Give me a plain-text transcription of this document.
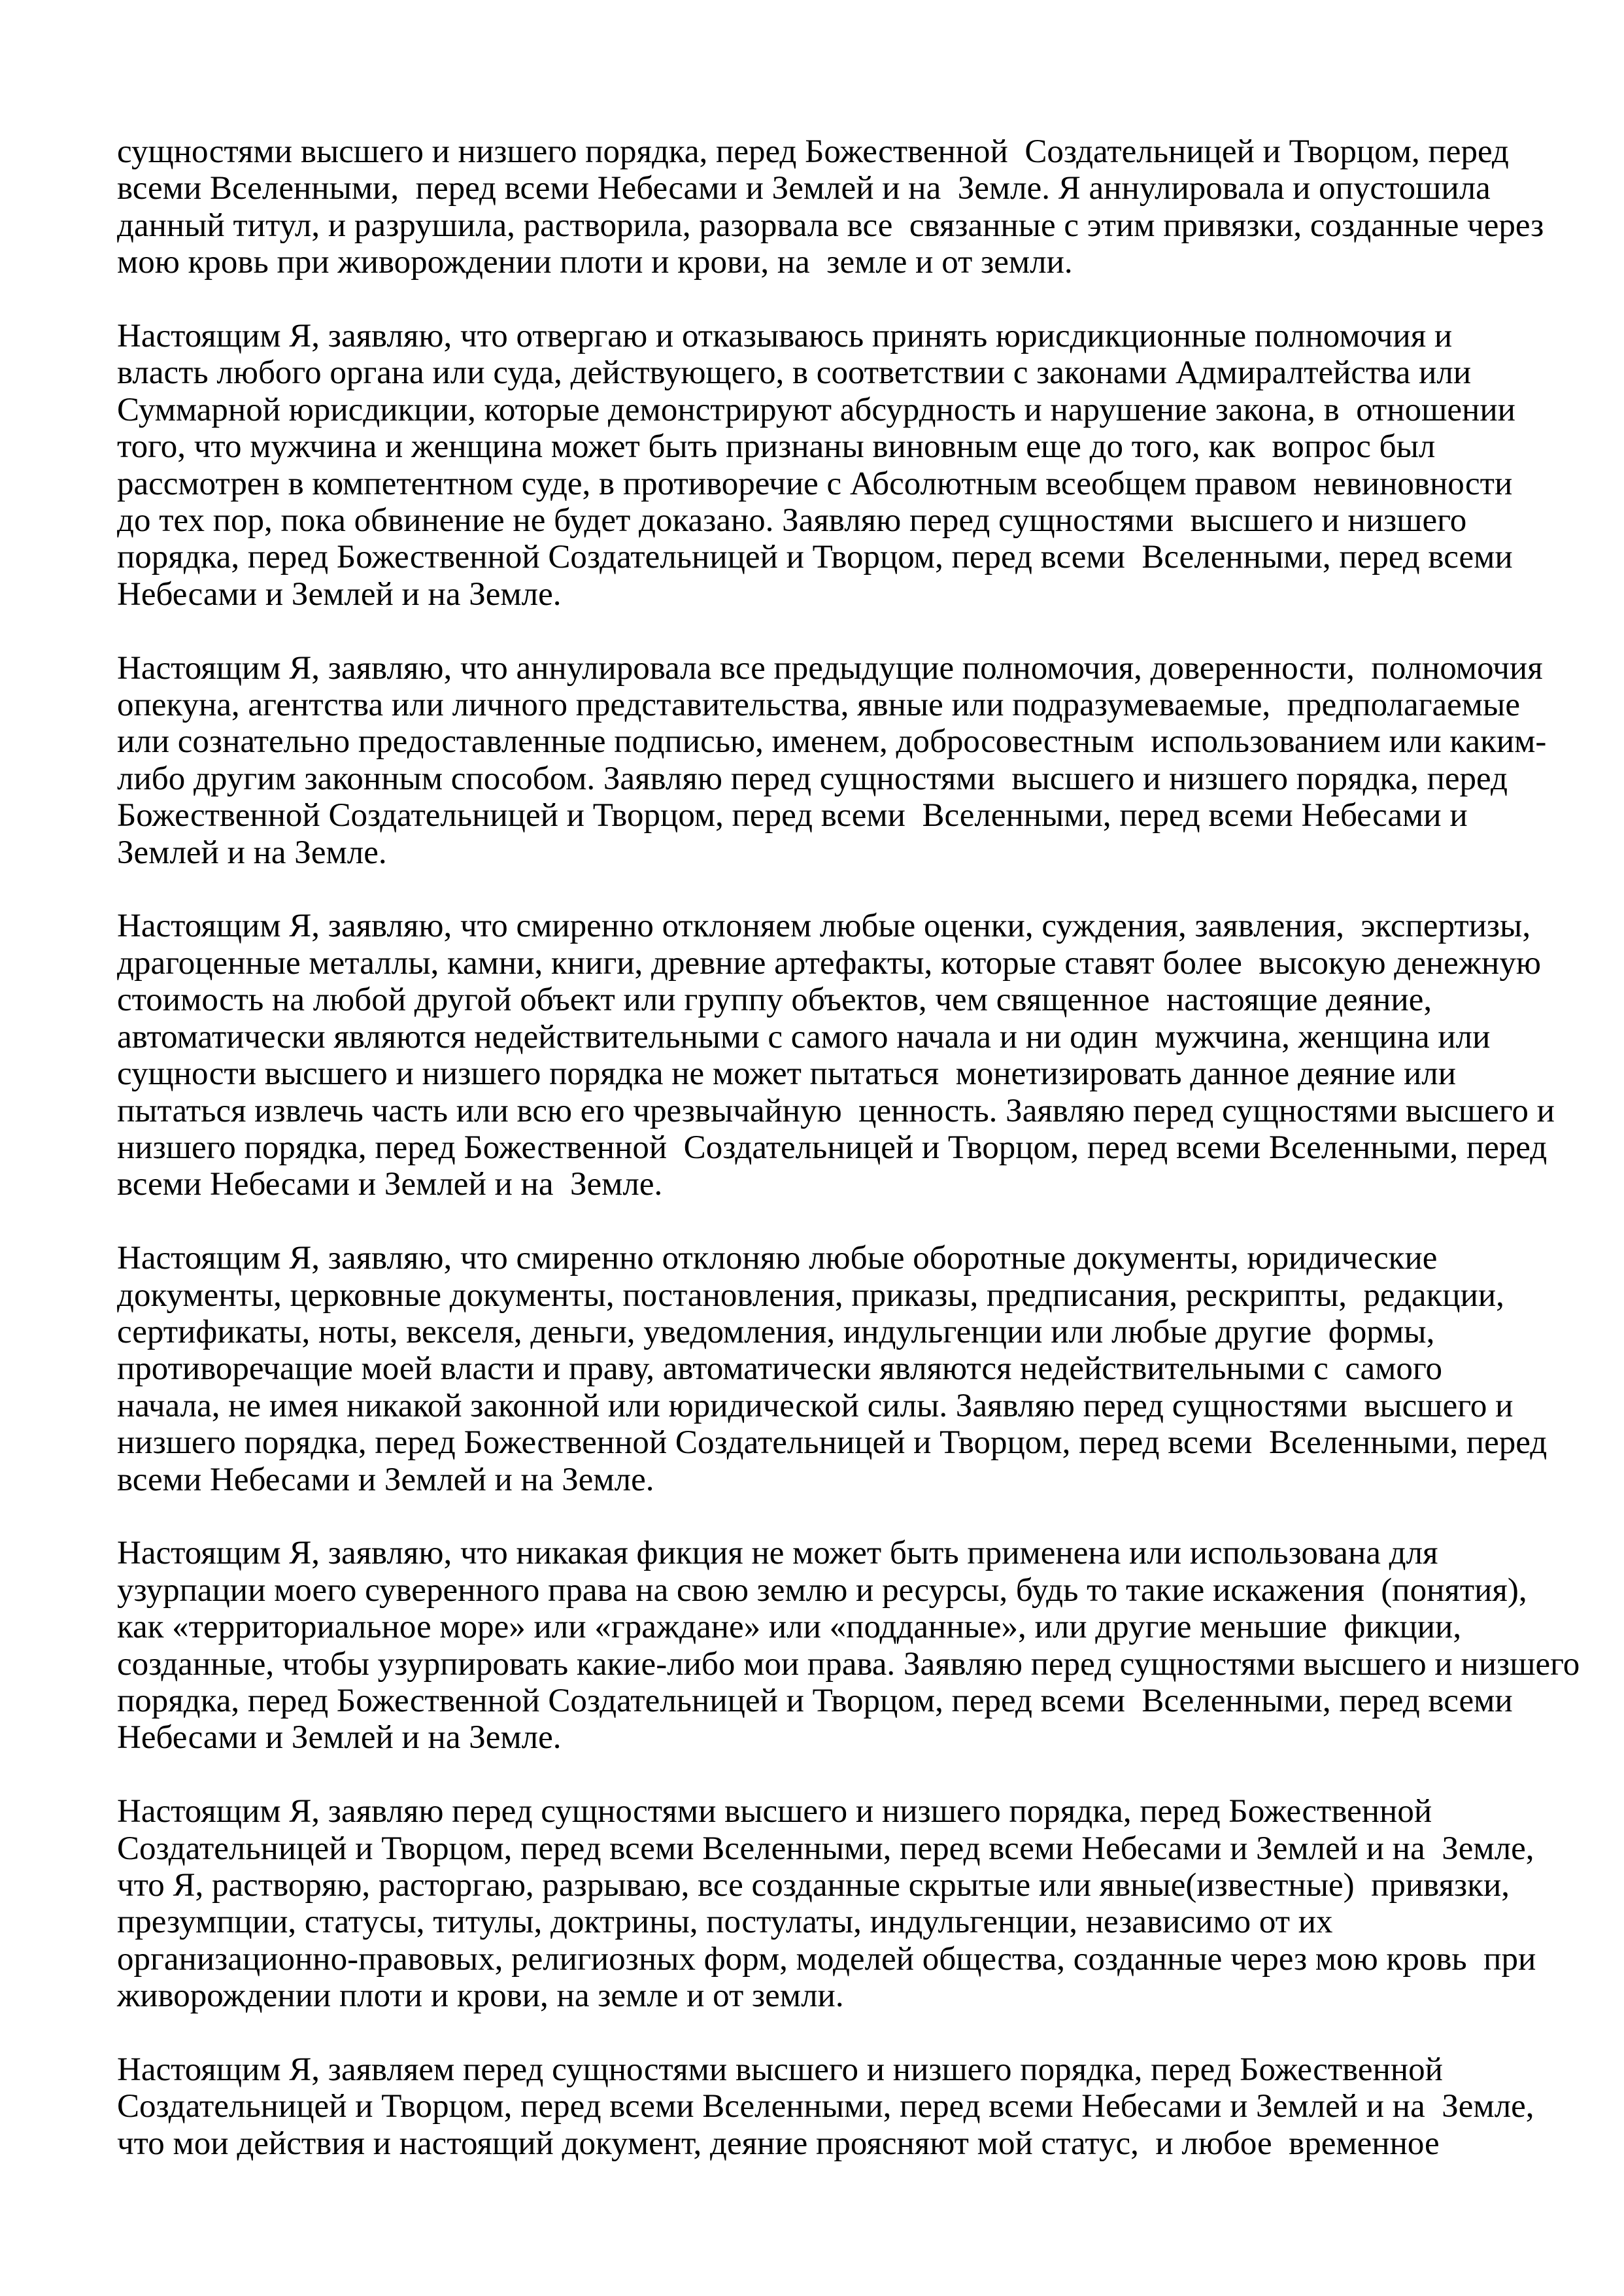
сущностями высшего и низшего порядка, перед Божественной  Создательницей и Творцом, перед
всеми Вселенными,  перед всеми Небесами и Землей и на  Земле. Я аннулировала и опустошила
данный титул, и разрушила, растворила, разорвала все  связанные с этим привязки, созданные через
мою кровь при живорождении плоти и крови, на  земле и от земли.

Настоящим Я, заявляю, что отвергаю и отказываюсь принять юрисдикционные полномочия и
власть любого органа или суда, действующего, в соответствии с законами Адмиралтейства или
Суммарной юрисдикции, которые демонстрируют абсурдность и нарушение закона, в  отношении
того, что мужчина и женщина может быть признаны виновным еще до того, как  вопрос был
рассмотрен в компетентном суде, в противоречие с Абсолютным всеобщем правом  невиновности
до тех пор, пока обвинение не будет доказано. Заявляю перед сущностями  высшего и низшего
порядка, перед Божественной Создательницей и Творцом, перед всеми  Вселенными, перед всеми
Небесами и Землей и на Земле.

Настоящим Я, заявляю, что аннулировала все предыдущие полномочия, доверенности,  полномочия
опекуна, агентства или личного представительства, явные или подразумеваемые,  предполагаемые
или сознательно предоставленные подписью, именем, добросовестным  использованием или каким-
либо другим законным способом. Заявляю перед сущностями  высшего и низшего порядка, перед
Божественной Создательницей и Творцом, перед всеми  Вселенными, перед всеми Небесами и
Землей и на Земле.

Настоящим Я, заявляю, что смиренно отклоняем любые оценки, суждения, заявления,  экспертизы,
драгоценные металлы, камни, книги, древние артефакты, которые ставят более  высокую денежную
стоимость на любой другой объект или группу объектов, чем священное  настоящие деяние,
автоматически являются недействительными с самого начала и ни один  мужчина, женщина или
сущности высшего и низшего порядка не может пытаться  монетизировать данное деяние или
пытаться извлечь часть или всю его чрезвычайную  ценность. Заявляю перед сущностями высшего и
низшего порядка, перед Божественной  Создательницей и Творцом, перед всеми Вселенными, перед
всеми Небесами и Землей и на  Земле.

Настоящим Я, заявляю, что смиренно отклоняю любые оборотные документы, юридические
документы, церковные документы, постановления, приказы, предписания, рескрипты,  редакции,
сертификаты, ноты, векселя, деньги, уведомления, индульгенции или любые другие  формы,
противоречащие моей власти и праву, автоматически являются недействительными с  самого
начала, не имея никакой законной или юридической силы. Заявляю перед сущностями  высшего и
низшего порядка, перед Божественной Создательницей и Творцом, перед всеми  Вселенными, перед
всеми Небесами и Землей и на Земле.

Настоящим Я, заявляю, что никакая фикция не может быть применена или использована для
узурпации моего суверенного права на свою землю и ресурсы, будь то такие искажения  (понятия),
как «территориальное море» или «граждане» или «подданные», или другие меньшие  фикции,
созданные, чтобы узурпировать какие-либо мои права. Заявляю перед сущностями высшего и низшего
порядка, перед Божественной Создательницей и Творцом, перед всеми  Вселенными, перед всеми
Небесами и Землей и на Земле.

Настоящим Я, заявляю перед сущностями высшего и низшего порядка, перед Божественной
Создательницей и Творцом, перед всеми Вселенными, перед всеми Небесами и Землей и на  Земле,
что Я, растворяю, расторгаю, разрываю, все созданные скрытые или явные(известные)  привязки,
презумпции, статусы, титулы, доктрины, постулаты, индульгенции, независимо от их
организационно-правовых, религиозных форм, моделей общества, созданные через мою кровь  при
живорождении плоти и крови, на земле и от земли.

Настоящим Я, заявляем перед сущностями высшего и низшего порядка, перед Божественной
Создательницей и Творцом, перед всеми Вселенными, перед всеми Небесами и Землей и на  Земле,
что мои действия и настоящий документ, деяние проясняют мой статус,  и любое  временное
